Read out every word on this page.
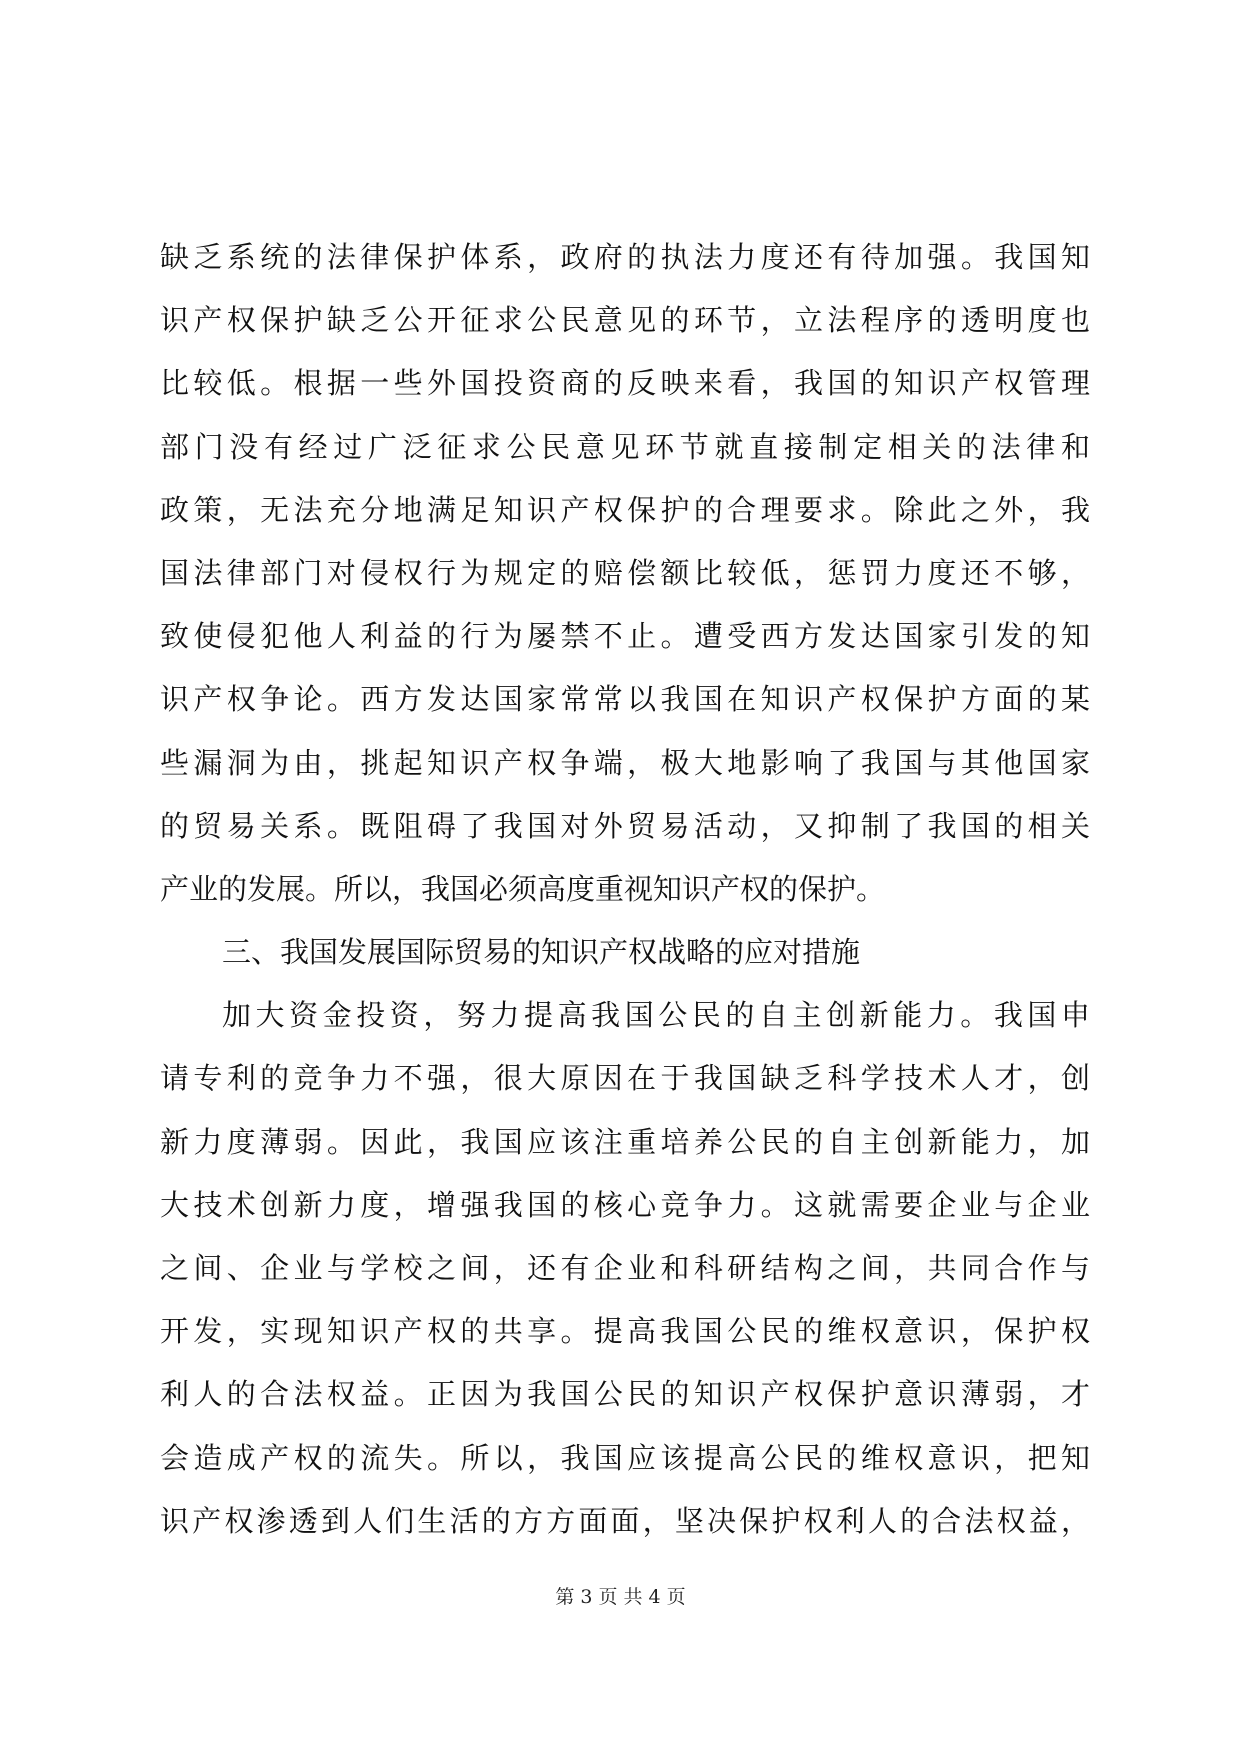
缺乏系统的法律保护体系，政府的执法力度还有待加强。我国知
识产权保护缺乏公开征求公民意见的环节，立法程序的透明度也
比较低。根据一些外国投资商的反映来看，我国的知识产权管理
部门没有经过广泛征求公民意见环节就直接制定相关的法律和
政策，无法充分地满足知识产权保护的合理要求。除此之外，我
国法律部门对侵权行为规定的赔偿额比较低，惩罚力度还不够，
致使侵犯他人利益的行为屡禁不止。遭受西方发达国家引发的知
识产权争论。西方发达国家常常以我国在知识产权保护方面的某
些漏洞为由，挑起知识产权争端，极大地影响了我国与其他国家
的贸易关系。既阻碍了我国对外贸易活动，又抑制了我国的相关
产业的发展。所以，我国必须高度重视知识产权的保护。
三、我国发展国际贸易的知识产权战略的应对措施
加大资金投资，努力提高我国公民的自主创新能力。我国申
请专利的竞争力不强，很大原因在于我国缺乏科学技术人才，创
新力度薄弱。因此，我国应该注重培养公民的自主创新能力，加
大技术创新力度，增强我国的核心竞争力。这就需要企业与企业
之间、企业与学校之间，还有企业和科研结构之间，共同合作与
开发，实现知识产权的共享。提高我国公民的维权意识，保护权
利人的合法权益。正因为我国公民的知识产权保护意识薄弱，才
会造成产权的流失。所以，我国应该提高公民的维权意识，把知
识产权渗透到人们生活的方方面面，坚决保护权利人的合法权益，
第 3 页 共 4 页
